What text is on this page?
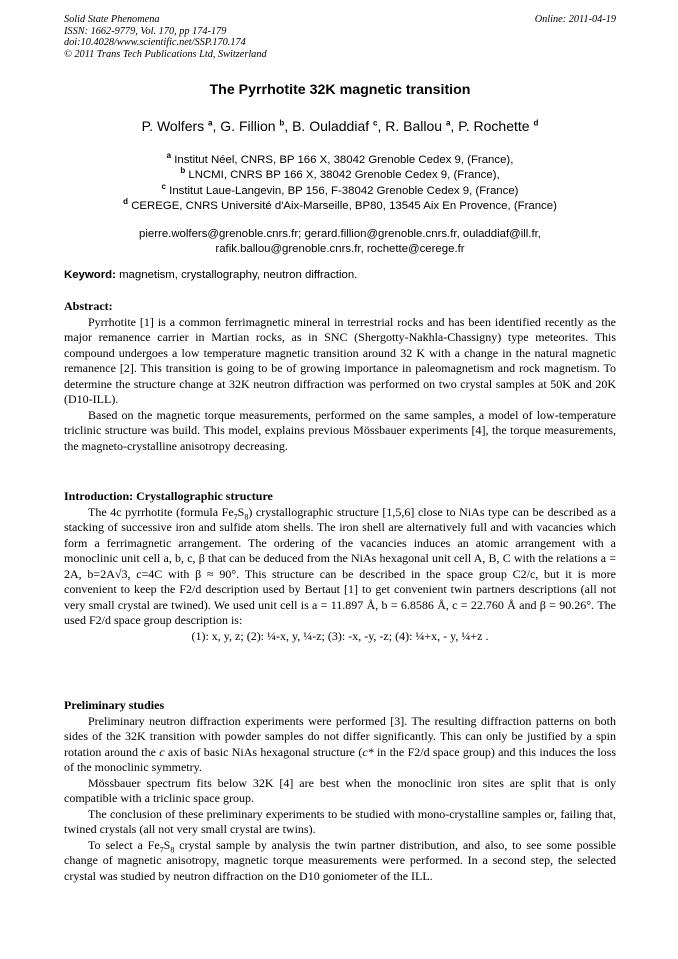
Solid State Phenomena
ISSN: 1662-9779, Vol. 170, pp 174-179
doi:10.4028/www.scientific.net/SSP.170.174
© 2011 Trans Tech Publications Ltd, Switzerland
Online: 2011-04-19
The Pyrrhotite 32K magnetic transition
P. Wolfers $^a$, G. Fillion $^b$, B. Ouladdiaf $^c$, R. Ballou $^a$, P. Rochette $^d$
$^a$ Institut Néel, CNRS, BP 166 X, 38042 Grenoble Cedex 9, (France),
$^b$ LNCMI, CNRS BP 166 X, 38042 Grenoble Cedex 9, (France),
$^c$ Institut Laue-Langevin, BP 156, F-38042 Grenoble Cedex 9, (France)
$^d$ CEREGE, CNRS Université d'Aix-Marseille, BP80, 13545 Aix En Provence, (France)
pierre.wolfers@grenoble.cnrs.fr; gerard.fillion@grenoble.cnrs.fr, ouladdiaf@ill.fr,
rafik.ballou@grenoble.cnrs.fr, rochette@cerege.fr
Keyword: magnetism, crystallography, neutron diffraction.
Abstract:

Pyrrhotite [1] is a common ferrimagnetic mineral in terrestrial rocks and has been identified recently as the major remanence carrier in Martian rocks, as in SNC (Shergotty-Nakhla-Chassigny) type meteorites. This compound undergoes a low temperature magnetic transition around 32 K with a change in the natural magnetic remanence [2]. This transition is going to be of growing importance in paleomagnetism and rock magnetism. To determine the structure change at 32K neutron diffraction was performed on two crystal samples at 50K and 20K (D10-ILL).

Based on the magnetic torque measurements, performed on the same samples, a model of low-temperature triclinic structure was build. This model, explains previous Mössbauer experiments [4], the torque measurements, the magneto-crystalline anisotropy decreasing.

Introduction: Crystallographic structure

The 4c pyrrhotite (formula $Fe_7S_8$) crystallographic structure [1,5,6] close to NiAs type can be described as a stacking of successive iron and sulfide atom shells. The iron shell are alternatively full and with vacancies which form a ferrimagnetic arrangement. The ordering of the vacancies induces an atomic arrangement with a monoclinic unit cell a, b, c, β that can be deduced from the NiAs hexagonal unit cell A, B, C with the relations a = 2A, b=2A√3, c=4C with β ≈ 90°. This structure can be described in the space group C2/c, but it is more convenient to keep the F2/d description used by Bertaut [1] to get convenient twin partners descriptions (all not very small crystal are twined). We used unit cell is a = 11.897 Å, b = 6.8586 Å, c = 22.760 Å and β = 90.26°. The used F2/d space group description is:

(1): x, y, z; (2): ¼-x, y, ¼-z; (3): -x, -y, -z; (4): ¼+x, - y, ¼+z .

Preliminary studies

Preliminary neutron diffraction experiments were performed [3]. The resulting diffraction patterns on both sides of the 32K transition with powder samples do not differ significantly. This can only be justified by a spin rotation around the c axis of basic NiAs hexagonal structure (c* in the F2/d space group) and this induces the loss of the monoclinic symmetry.

Mössbauer spectrum fits below 32K [4] are best when the monoclinic iron sites are split that is only compatible with a triclinic space group.

The conclusion of these preliminary experiments to be studied with mono-crystalline samples or, failing that, twined crystals (all not very small crystal are twins).

To select a $Fe_7S_8$ crystal sample by analysis the twin partner distribution, and also, to see some possible change of magnetic anisotropy, magnetic torque measurements were performed. In a second step, the selected crystal was studied by neutron diffraction on the D10 goniometer of the ILL.
